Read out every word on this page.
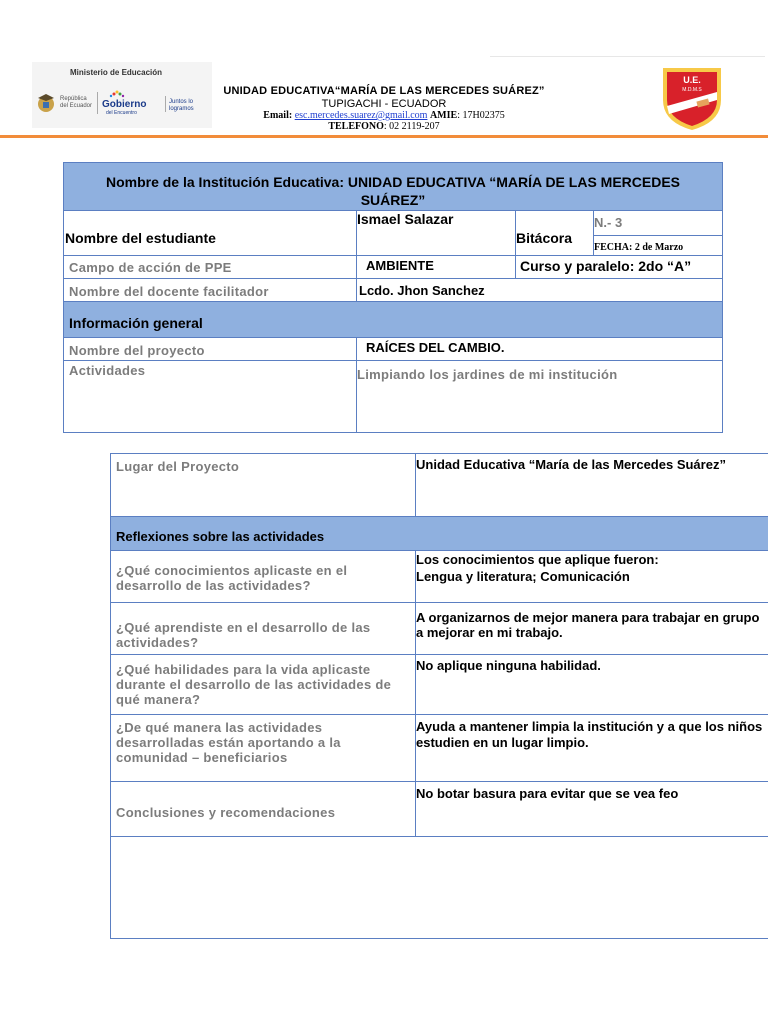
Ministerio de Educación
República del Ecuador Gobierno
del Encuentro
Juntos lo logramos
UNIDAD EDUCATIVA“MARÍA DE LAS MERCEDES SUÁREZ”
TUPIGACHI - ECUADOR
Email: esc.mercedes.suarez@gmail.com AMIE: 17H02375
TELEFONO: 02 2119-207
U.E.
M.D.M.S
Nombre de la Institución Educativa: UNIDAD EDUCATIVA “MARÍA DE LAS MERCEDES SUÁREZ”			

Nombre del estudiante	Ismael Salazar	Bitácora	N.- 3
FECHA: 2 de Marzo

Campo de acción de PPE	AMBIENTE	Curso y paralelo: 2do “A”	

Nombre del docente facilitador	Lcdo. Jhon Sanchez		

Información general			

Nombre del proyecto	RAÍCES DEL CAMBIO.		

Actividades	Limpiando los jardines de mi institución		
Lugar del Proyecto	Unidad Educativa “María de las Mercedes Suárez”

Reflexiones sobre las actividades	

¿Qué conocimientos aplicaste en el desarrollo de las actividades?	Los conocimientos que aplique fueron:
Lengua y literatura; Comunicación

¿Qué aprendiste en el desarrollo de las actividades?	A organizarnos de mejor manera para trabajar en grupo a mejorar en mi trabajo.

¿Qué habilidades para la vida aplicaste durante el desarrollo de las actividades de qué manera?	No aplique ninguna habilidad.

¿De qué manera las actividades desarrolladas están aportando a la comunidad – beneficiarios	Ayuda a mantener limpia la institución y a que los niños estudien en un lugar limpio.

Conclusiones y recomendaciones	No botar basura para evitar que se vea feo
